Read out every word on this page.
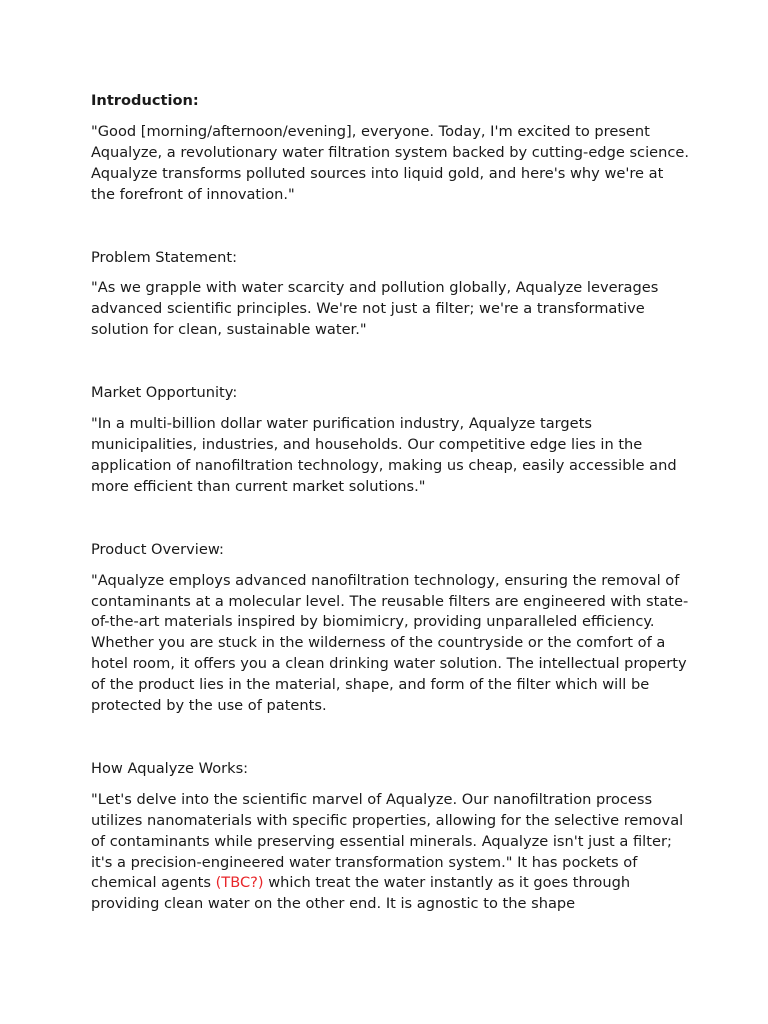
Introduction:

"Good [morning/afternoon/evening], everyone. Today, I'm excited to present Aqualyze, a revolutionary water filtration system backed by cutting-edge science. Aqualyze transforms polluted sources into liquid gold, and here's why we're at the forefront of innovation."

Problem Statement:

"As we grapple with water scarcity and pollution globally, Aqualyze leverages advanced scientific principles. We're not just a filter; we're a transformative solution for clean, sustainable water."

Market Opportunity:

"In a multi-billion dollar water purification industry, Aqualyze targets municipalities, industries, and households. Our competitive edge lies in the application of nanofiltration technology, making us cheap, easily accessible and more efficient than current market solutions."

Product Overview:

"Aqualyze employs advanced nanofiltration technology, ensuring the removal of contaminants at a molecular level. The reusable filters are engineered with state-of-the-art materials inspired by biomimicry, providing unparalleled efficiency. Whether you are stuck in the wilderness of the countryside or the comfort of a hotel room, it offers you a clean drinking water solution. The intellectual property of the product lies in the material, shape, and form of the filter which will be protected by the use of patents.

How Aqualyze Works:

"Let's delve into the scientific marvel of Aqualyze. Our nanofiltration process utilizes nanomaterials with specific properties, allowing for the selective removal of contaminants while preserving essential minerals. Aqualyze isn't just a filter; it's a precision-engineered water transformation system." It has pockets of chemical agents (TBC?) which treat the water instantly as it goes through providing clean water on the other end. It is agnostic to the shape
